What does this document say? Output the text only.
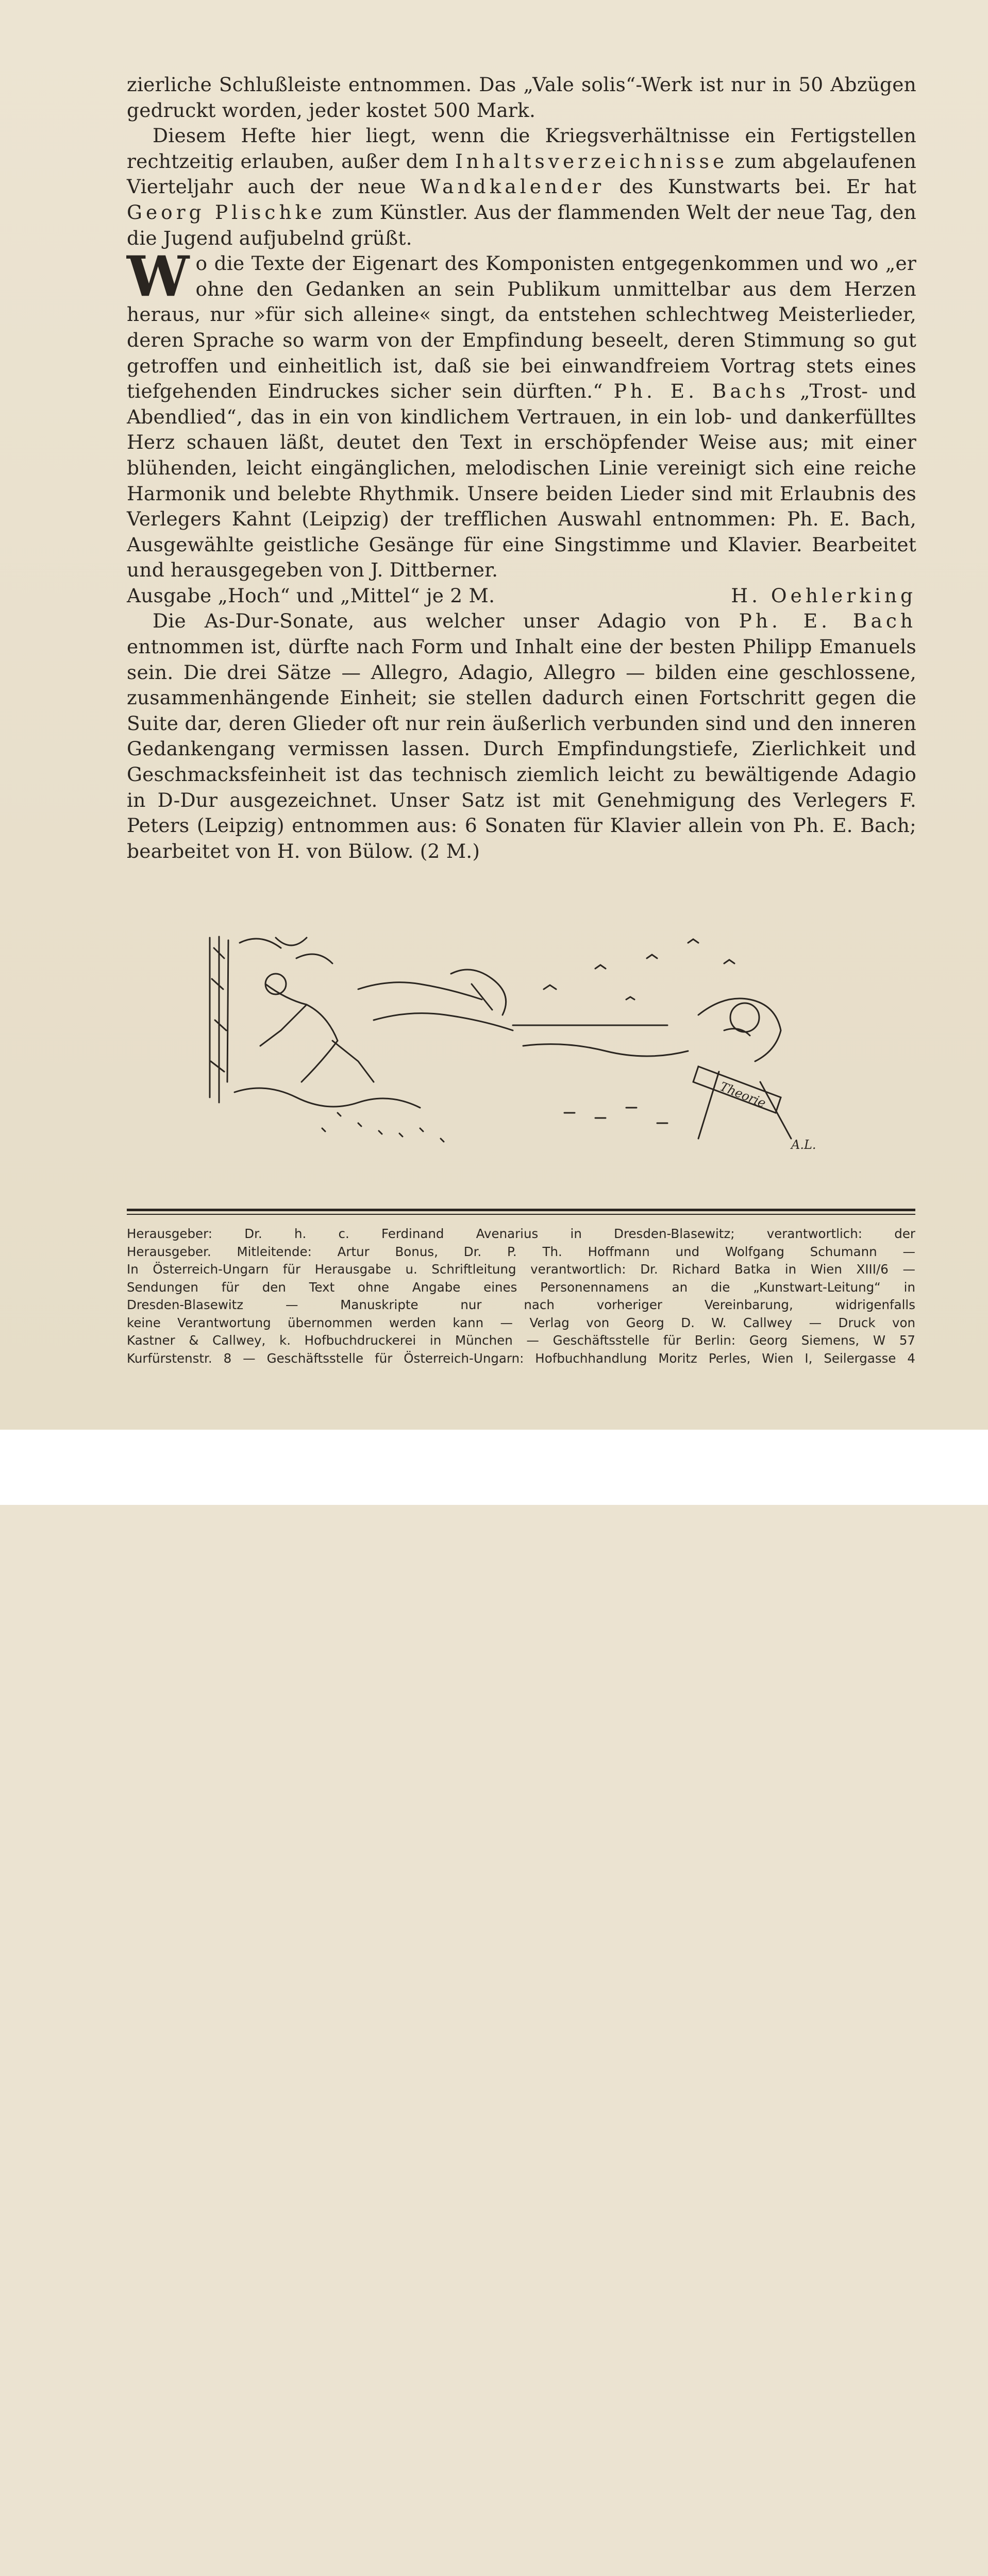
zierliche Schlußleiste entnommen. Das „Vale solis“-Werk ist nur in 50 Abzügen gedruckt worden, jeder kostet 500 Mark.

Diesem Hefte hier liegt, wenn die Kriegsverhältnisse ein Fertigstellen rechtzeitig erlauben, außer dem Inhaltsverzeichnisse zum abgelaufenen Vierteljahr auch der neue Wandkalender des Kunstwarts bei. Er hat Georg Plischke zum Künstler. Aus der flammenden Welt der neue Tag, den die Jugend aufjubelnd grüßt.

Wo die Texte der Eigenart des Komponisten entgegenkommen und wo „er ohne den Gedanken an sein Publikum unmittelbar aus dem Herzen heraus, nur »für sich alleine« singt, da entstehen schlechtweg Meisterlieder, deren Sprache so warm von der Empfindung beseelt, deren Stimmung so gut getroffen und einheitlich ist, daß sie bei einwandfreiem Vortrag stets eines tiefgehenden Eindruckes sicher sein dürften.“ Ph. E. Bachs „Trost- und Abendlied“, das in ein von kindlichem Vertrauen, in ein lob- und dankerfülltes Herz schauen läßt, deutet den Text in erschöpfender Weise aus; mit einer blühenden, leicht eingänglichen, melodischen Linie vereinigt sich eine reiche Harmonik und belebte Rhythmik. Unsere beiden Lieder sind mit Erlaubnis des Verlegers Kahnt (Leipzig) der trefflichen Auswahl entnommen: Ph. E. Bach, Ausgewählte geistliche Gesänge für eine Singstimme und Klavier. Bearbeitet und herausgegeben von J. Dittberner.

Ausgabe „Hoch“ und „Mittel“ je 2 M.	H. Oehlerking

Die As-Dur-Sonate, aus welcher unser Adagio von Ph. E. Bach entnommen ist, dürfte nach Form und Inhalt eine der besten Philipp Emanuels sein. Die drei Sätze — Allegro, Adagio, Allegro — bilden eine geschlossene, zusammenhängende Einheit; sie stellen dadurch einen Fortschritt gegen die Suite dar, deren Glieder oft nur rein äußerlich verbunden sind und den inneren Gedankengang vermissen lassen. Durch Empfindungstiefe, Zierlichkeit und Geschmacksfeinheit ist das technisch ziemlich leicht zu bewältigende Adagio in D-Dur ausgezeichnet. Unser Satz ist mit Genehmigung des Verlegers F. Peters (Leipzig) entnommen aus: 6 Sonaten für Klavier allein von Ph. E. Bach; bearbeitet von H. von Bülow. (2 M.)

Theorie
A.L.

Herausgeber: Dr. h. c. Ferdinand Avenarius in Dresden-Blasewitz; verantwortlich: der

Herausgeber. Mitleitende: Artur Bonus, Dr. P. Th. Hoffmann und Wolfgang Schumann —

In Österreich-Ungarn für Herausgabe u. Schriftleitung verantwortlich: Dr. Richard Batka in Wien XIII/6 —

Sendungen für den Text ohne Angabe eines Personennamens an die „Kunstwart-Leitung“ in

Dresden-Blasewitz — Manuskripte nur nach vorheriger Vereinbarung, widrigenfalls

keine Verantwortung übernommen werden kann — Verlag von Georg D. W. Callwey — Druck von

Kastner & Callwey, k. Hofbuchdruckerei in München — Geschäftsstelle für Berlin: Georg Siemens, W 57

Kurfürstenstr. 8 — Geschäftsstelle für Österreich-Ungarn: Hofbuchhandlung Moritz Perles, Wien I, Seilergasse 4
